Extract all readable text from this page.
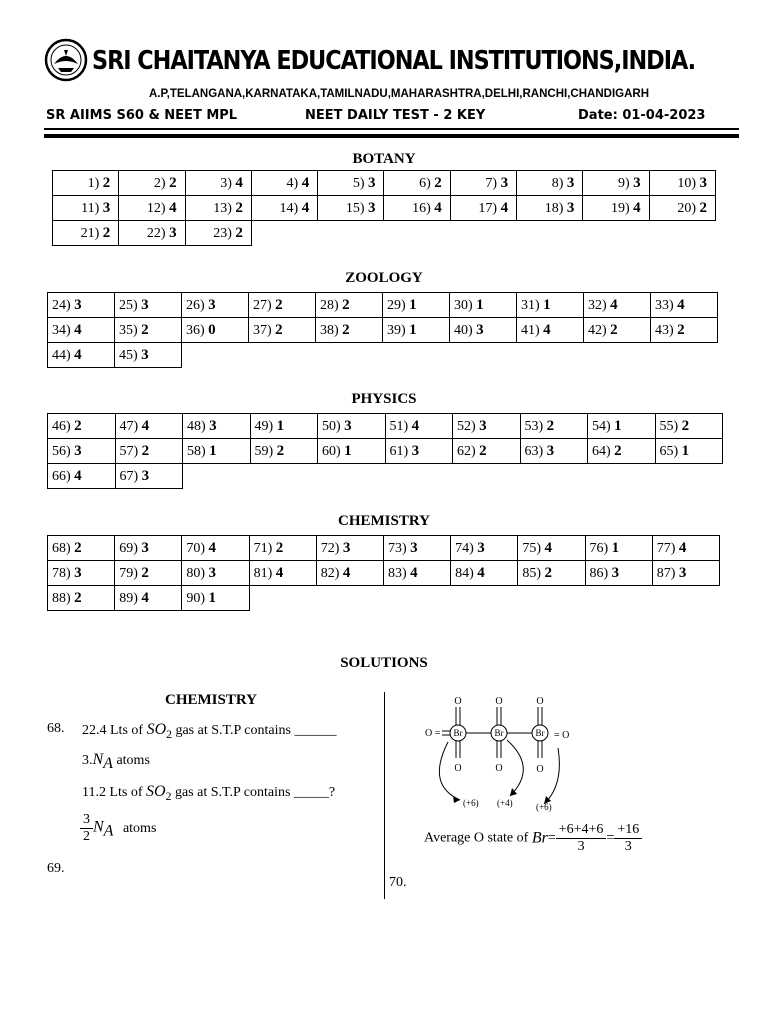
SRI CHAITANYA EDUCATIONAL INSTITUTIONS,INDIA.
A.P,TELANGANA,KARNATAKA,TAMILNADU,MAHARASHTRA,DELHI,RANCHI,CHANDIGARH
SR AIIMS S60 & NEET MPL	NEET DAILY TEST - 2 KEY	Date: 01-04-2023
BOTANY
1) 2	2) 2	3) 4	4) 4	5) 3	6) 2	7) 3	8) 3	9) 3	10) 3
11) 3	12) 4	13) 2	14) 4	15) 3	16) 4	17) 4	18) 3	19) 4	20) 2
21) 2	22) 3	23) 2							
ZOOLOGY
24) 3	25) 3	26) 3	27) 2	28) 2	29) 1	30) 1	31) 1	32) 4	33) 4
34) 4	35) 2	36) 0	37) 2	38) 2	39) 1	40) 3	41) 4	42) 2	43) 2
44) 4	45) 3								
PHYSICS
46) 2	47) 4	48) 3	49) 1	50) 3	51) 4	52) 3	53) 2	54) 1	55) 2
56) 3	57) 2	58) 1	59) 2	60) 1	61) 3	62) 2	63) 3	64) 2	65) 1
66) 4	67) 3								
CHEMISTRY
68) 2	69) 3	70) 4	71) 2	72) 3	73) 3	74) 3	75) 4	76) 1	77) 4
78) 3	79) 2	80) 3	81) 4	82) 4	83) 4	84) 4	85) 2	86) 3	87) 3
88) 2	89) 4	90) 1							
SOLUTIONS
CHEMISTRY
68. 22.4 Lts of $SO_2$ gas at S.T.P contains ______
$3.N_A$ atoms
11.2 Lts of $SO_2$ gas at S.T.P contains _____?
$\frac{3}{2} N_A$ atoms
69.
70.
O	O	O
Br	Br	Br
O =	= O
O	O	O
(+6) (+4)	(+6)
Average O state of $Br= \frac{+6+4+6}{3} = \frac{+16}{3}$
